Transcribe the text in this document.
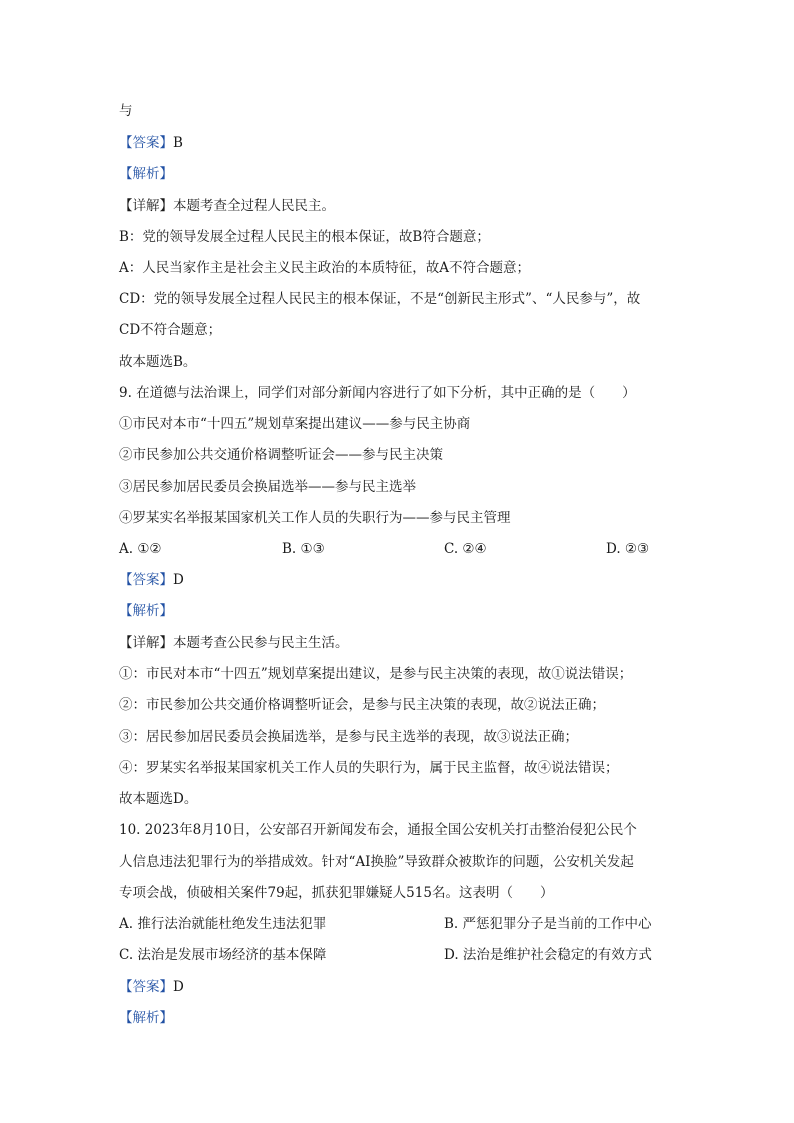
与
【答案】B
【解析】
【详解】本题考查全过程人民民主。
B：党的领导发展全过程人民民主的根本保证，故B符合题意；
A：人民当家作主是社会主义民主政治的本质特征，故A不符合题意；
CD：党的领导发展全过程人民民主的根本保证，不是“创新民主形式”、“人民参与”，故
CD不符合题意；
故本题选B。
9. 在道德与法治课上，同学们对部分新闻内容进行了如下分析，其中正确的是（　　）
①市民对本市“十四五”规划草案提出建议——参与民主协商
②市民参加公共交通价格调整听证会——参与民主决策
③居民参加居民委员会换届选举——参与民主选举
④罗某实名举报某国家机关工作人员的失职行为——参与民主管理
A. ①②	B. ①③	C. ②④	D. ②③
【答案】D
【解析】
【详解】本题考查公民参与民主生活。
①：市民对本市“十四五”规划草案提出建议，是参与民主决策的表现，故①说法错误；
②：市民参加公共交通价格调整听证会，是参与民主决策的表现，故②说法正确；
③：居民参加居民委员会换届选举，是参与民主选举的表现，故③说法正确；
④：罗某实名举报某国家机关工作人员的失职行为，属于民主监督，故④说法错误；
故本题选D。
10. 2023年8月10日，公安部召开新闻发布会，通报全国公安机关打击整治侵犯公民个
人信息违法犯罪行为的举措成效。针对“AI换脸”导致群众被欺诈的问题，公安机关发起
专项会战，侦破相关案件79起，抓获犯罪嫌疑人515名。这表明（　　）
A. 推行法治就能杜绝发生违法犯罪	B. 严惩犯罪分子是当前的工作中心
C. 法治是发展市场经济的基本保障	D. 法治是维护社会稳定的有效方式
【答案】D
【解析】
